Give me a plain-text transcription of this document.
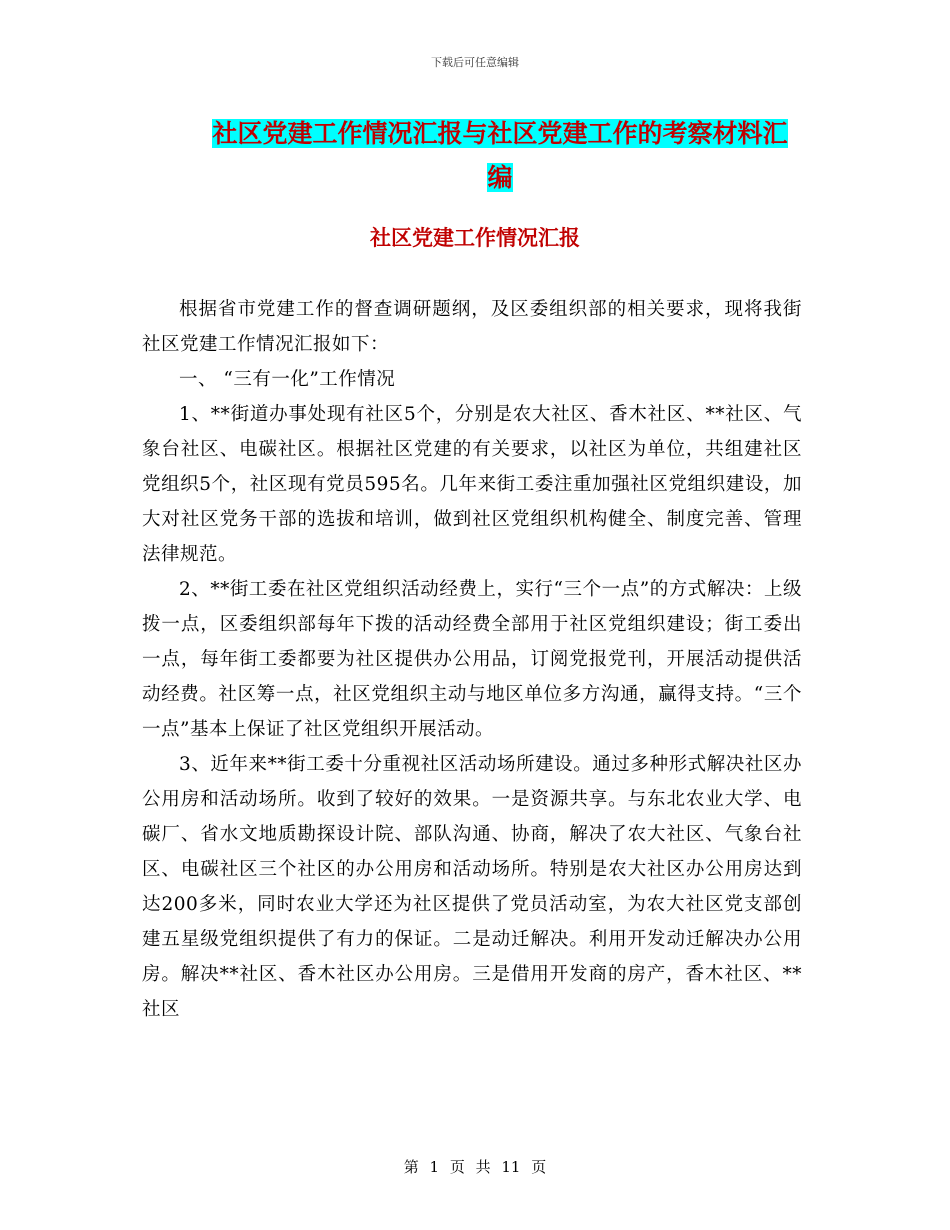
下载后可任意编辑
社区党建工作情况汇报与社区党建工作的考察材料汇
编
社区党建工作情况汇报

根据省市党建工作的督查调研题纲，及区委组织部的相关要求，现将我街社区党建工作情况汇报如下：

一、 “三有一化”工作情况

1、**街道办事处现有社区5个，分别是农大社区、香木社区、**社区、气象台社区、电碳社区。根据社区党建的有关要求，以社区为单位，共组建社区党组织5个，社区现有党员595名。几年来街工委注重加强社区党组织建设，加大对社区党务干部的选拔和培训，做到社区党组织机构健全、制度完善、管理法律规范。

2、**街工委在社区党组织活动经费上，实行“三个一点”的方式解决：上级拨一点，区委组织部每年下拨的活动经费全部用于社区党组织建设；街工委出一点，每年街工委都要为社区提供办公用品，订阅党报党刊，开展活动提供活动经费。社区筹一点，社区党组织主动与地区单位多方沟通，赢得支持。“三个一点”基本上保证了社区党组织开展活动。

3、近年来**街工委十分重视社区活动场所建设。通过多种形式解决社区办公用房和活动场所。收到了较好的效果。一是资源共享。与东北农业大学、电碳厂、省水文地质勘探设计院、部队沟通、协商，解决了农大社区、气象台社区、电碳社区三个社区的办公用房和活动场所。特别是农大社区办公用房达到达200多米，同时农业大学还为社区提供了党员活动室，为农大社区党支部创建五星级党组织提供了有力的保证。二是动迁解决。利用开发动迁解决办公用房。解决**社区、香木社区办公用房。三是借用开发商的房产，香木社区、**社区

第 1 页 共 11 页
